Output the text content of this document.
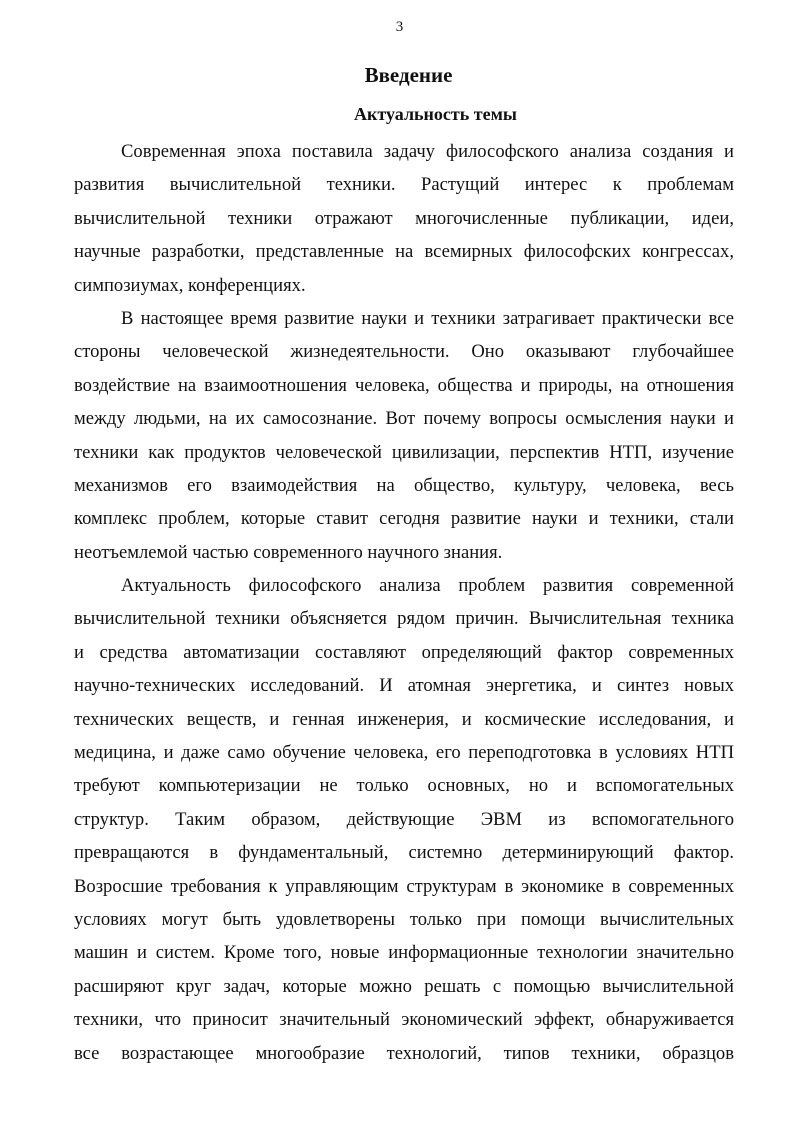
3
Введение
Актуальность темы
Современная эпоха поставила задачу философского анализа создания и
развития вычислительной техники. Растущий интерес к проблемам
вычислительной техники отражают многочисленные публикации, идеи,
научные разработки, представленные на всемирных философских конгрессах,
симпозиумах, конференциях.
В настоящее время развитие науки и техники затрагивает практически все
стороны человеческой жизнедеятельности. Оно оказывают глубочайшее
воздействие на взаимоотношения человека, общества и природы, на отношения
между людьми, на их самосознание. Вот почему вопросы осмысления науки и
техники как продуктов человеческой цивилизации, перспектив НТП, изучение
механизмов его взаимодействия на общество, культуру, человека, весь
комплекс проблем, которые ставит сегодня развитие науки и техники, стали
неотъемлемой частью современного научного знания.
Актуальность философского анализа проблем развития современной
вычислительной техники объясняется рядом причин. Вычислительная техника
и средства автоматизации составляют определяющий фактор современных
научно-технических исследований. И атомная энергетика, и синтез новых
технических веществ, и генная инженерия, и космические исследования, и
медицина, и даже само обучение человека, его переподготовка в условиях НТП
требуют компьютеризации не только основных, но и вспомогательных
структур. Таким образом, действующие ЭВМ из вспомогательного
превращаются в фундаментальный, системно детерминирующий фактор.
Возросшие требования к управляющим структурам в экономике в современных
условиях могут быть удовлетворены только при помощи вычислительных
машин и систем. Кроме того, новые информационные технологии значительно
расширяют круг задач, которые можно решать с помощью вычислительной
техники, что приносит значительный экономический эффект, обнаруживается
все возрастающее многообразие технологий, типов техники, образцов
